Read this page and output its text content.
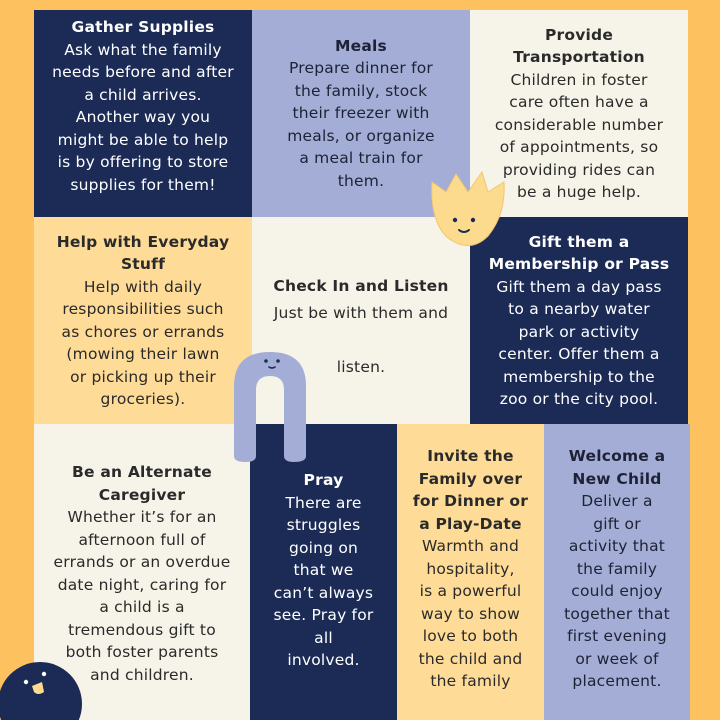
Gather Supplies
Ask what the family
needs before and after
a child arrives.
Another way you
might be able to help
is by offering to store
supplies for them!
Meals
Prepare dinner for
the family, stock
their freezer with
meals, or organize
a meal train for
them.
Provide
Transportation
Children in foster
care often have a
considerable number
of appointments, so
providing rides can
be a huge help.
Help with Everyday
Stuff
Help with daily
responsibilities such
as chores or errands
(mowing their lawn
or picking up their
groceries).
Check In and Listen
Just be with them and

listen.
Gift them a
Membership or Pass
Gift them a day pass
to a nearby water
park or activity
center. Offer them a
membership to the
zoo or the city pool.
Be an Alternate
Caregiver
Whether it’s for an
afternoon full of
errands or an overdue
date night, caring for
a child is a
tremendous gift to
both foster parents
and children.
Pray
There are
struggles
going on
that we
can’t always
see. Pray for
all
involved.
Invite the
Family over
for Dinner or
a Play-Date
Warmth and
hospitality,
is a powerful
way to show
love to both
the child and
the family
Welcome a
New Child
Deliver a
gift or
activity that
the family
could enjoy
together that
first evening
or week of
placement.
